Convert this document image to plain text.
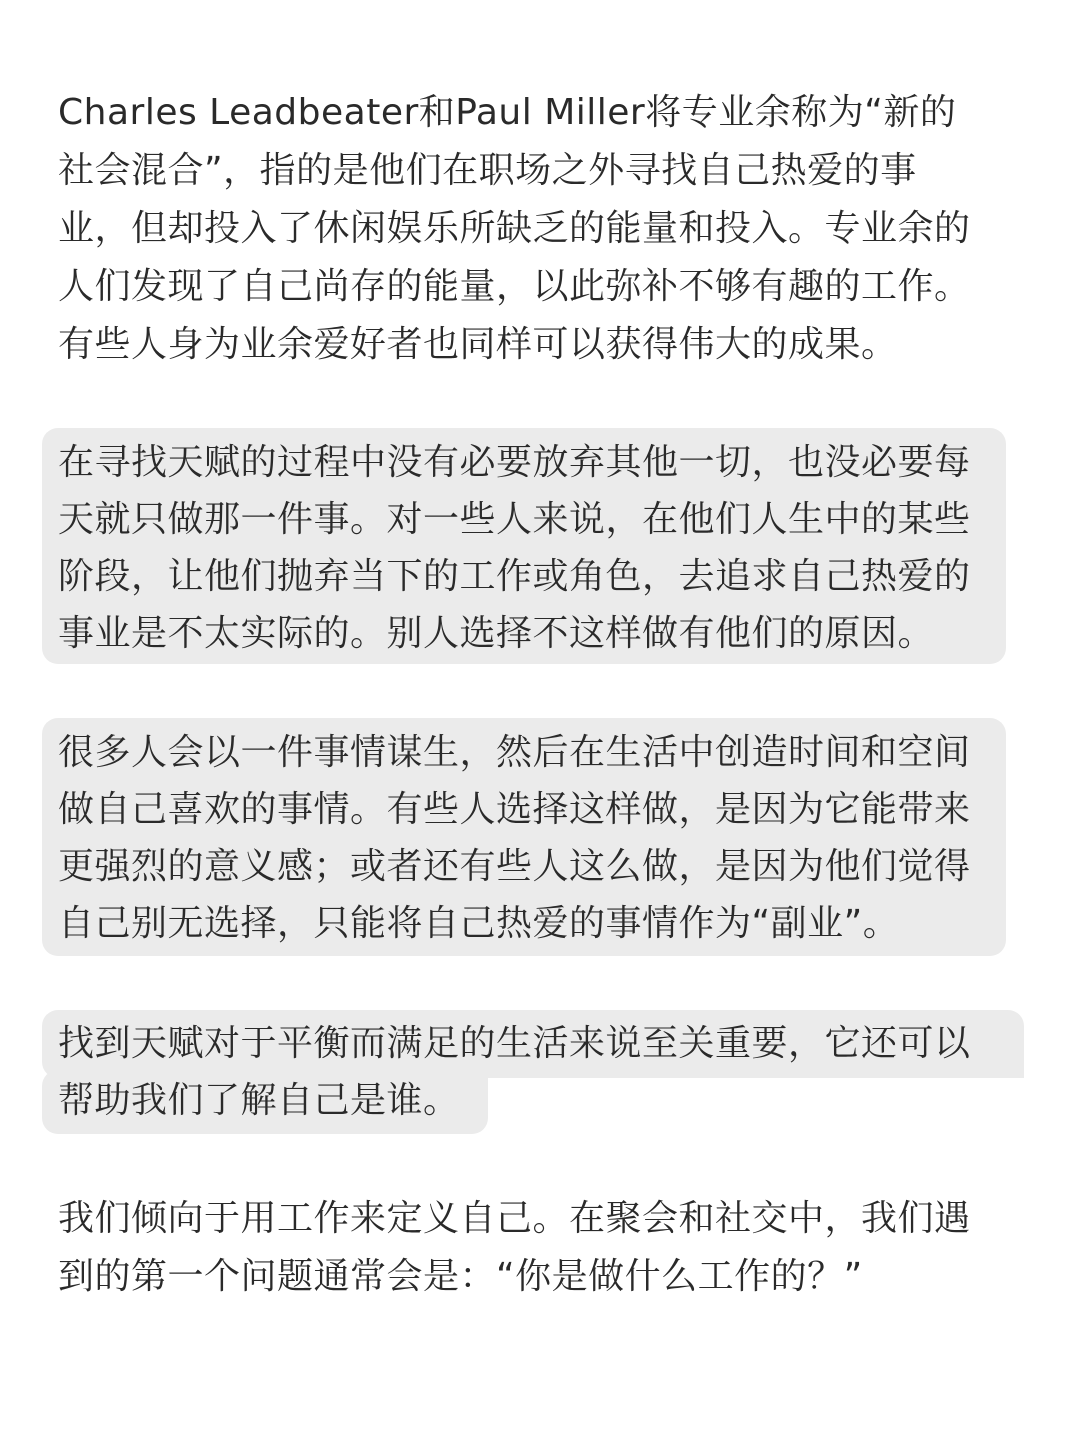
Charles Leadbeater和Paul Miller将专业余称为“新的
社会混合”，指的是他们在职场之外寻找自己热爱的事
业，但却投入了休闲娱乐所缺乏的能量和投入。专业余的
人们发现了自己尚存的能量，以此弥补不够有趣的工作。
有些人身为业余爱好者也同样可以获得伟大的成果。
在寻找天赋的过程中没有必要放弃其他一切，也没必要每
天就只做那一件事。对一些人来说，在他们人生中的某些
阶段，让他们抛弃当下的工作或角色，去追求自己热爱的
事业是不太实际的。别人选择不这样做有他们的原因。
很多人会以一件事情谋生，然后在生活中创造时间和空间
做自己喜欢的事情。有些人选择这样做，是因为它能带来
更强烈的意义感；或者还有些人这么做，是因为他们觉得
自己别无选择，只能将自己热爱的事情作为“副业”。
找到天赋对于平衡而满足的生活来说至关重要，它还可以
帮助我们了解自己是谁。
我们倾向于用工作来定义自己。在聚会和社交中，我们遇
到的第一个问题通常会是：“你是做什么工作的？”
